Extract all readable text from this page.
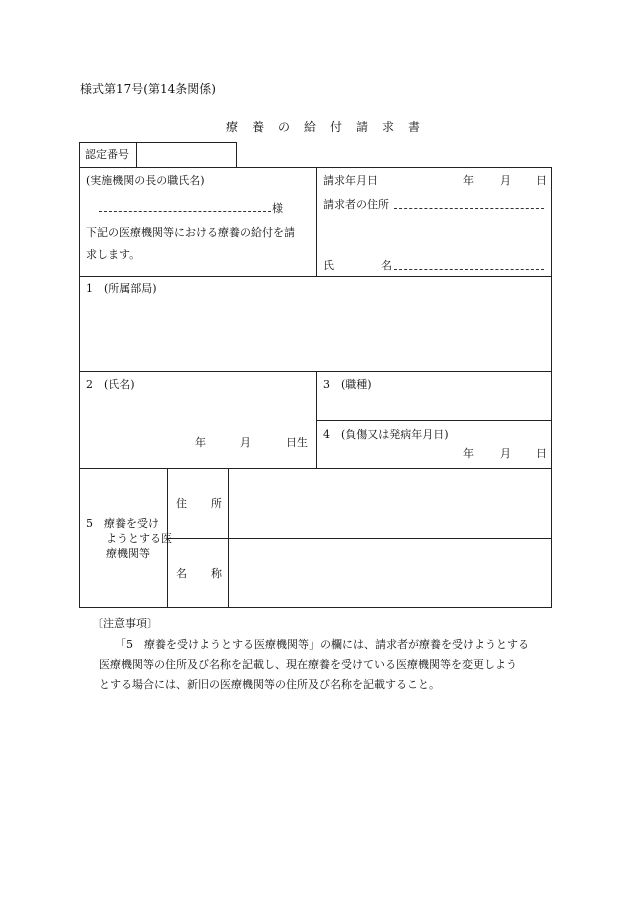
様式第17号(第14条関係)
療　養　の　給　付　請　求　書
認定番号
(実施機関の長の職氏名)
様
下記の医療機関等における療養の給付を請
求します。
請求年月日	年 月 日
請求者の住所
氏	名
1　(所属部局)
2　(氏名)
年	月	日生
3　(職種)
4　(負傷又は発病年月日)
年 月 日
5　療養を受け
ようとする医
療機関等
住 所
名 称
〔注意事項〕
「5　療養を受けようとする医療機関等」の欄には、請求者が療養を受けようとする
医療機関等の住所及び名称を記載し、現在療養を受けている医療機関等を変更しよう
とする場合には、新旧の医療機関等の住所及び名称を記載すること。
